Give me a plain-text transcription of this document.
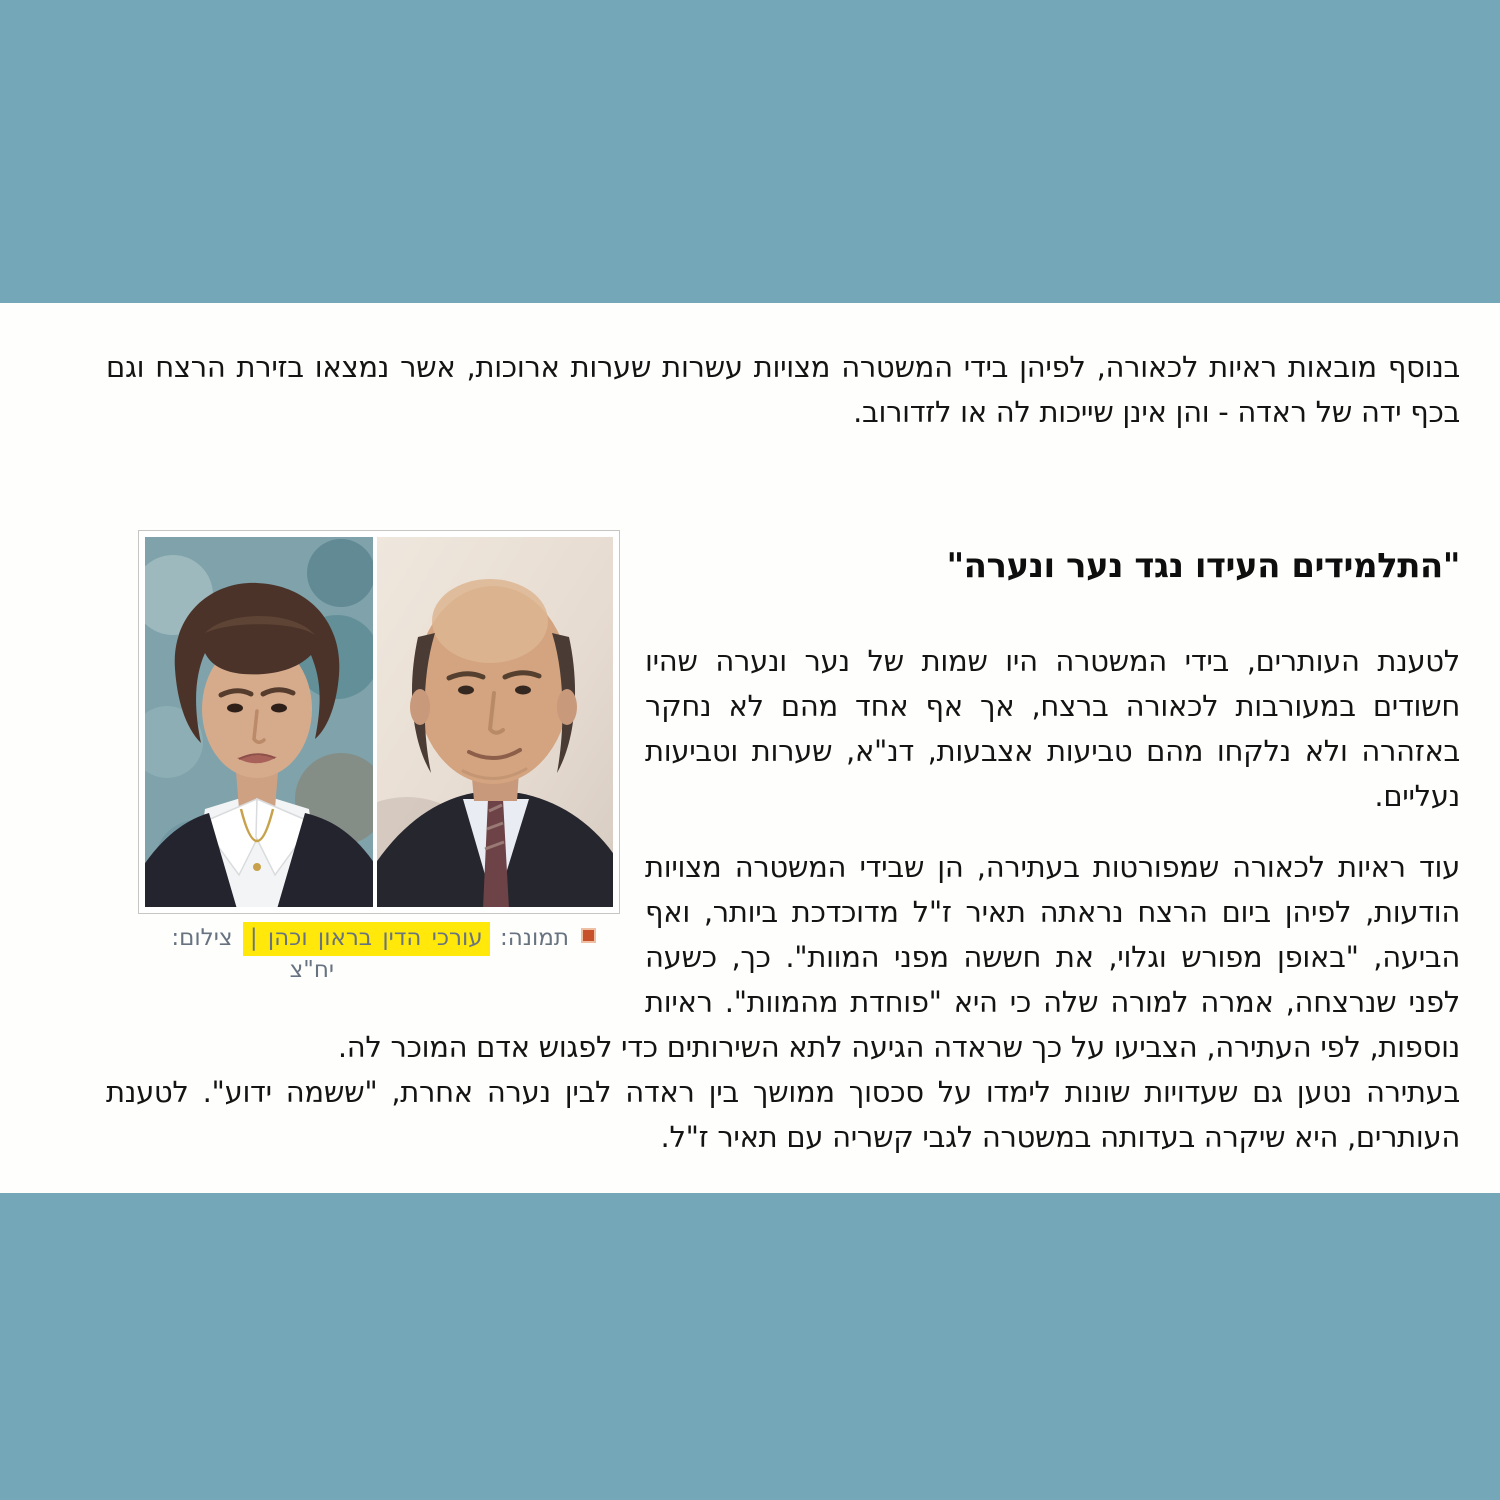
בנוסף מובאות ראיות לכאורה, לפיהן בידי המשטרה מצויות עשרות שערות ארוכות, אשר נמצאו בזירת הרצח וגם בכף ידה של ראדה - והן אינן שייכות לה או לזדורוב.

תמונה: עורכי הדין בראון וכהן | צילום:
יח"צ
"התלמידים העידו נגד נער ונערה"

לטענת העותרים, בידי המשטרה היו שמות של נער ונערה שהיו חשודים במעורבות לכאורה ברצח, אך אף אחד מהם לא נחקר באזהרה ולא נלקחו מהם טביעות אצבעות, דנ"א, שערות וטביעות נעליים.

עוד ראיות לכאורה שמפורטות בעתירה, הן שבידי המשטרה מצויות הודעות, לפיהן ביום הרצח נראתה תאיר ז"ל מדוכדכת ביותר, ואף הביעה, "באופן מפורש וגלוי, את חששה מפני המוות". כך, כשעה לפני שנרצחה, אמרה למורה שלה כי היא "פוחדת מהמוות". ראיות נוספות, לפי העתירה, הצביעו על כך שראדה הגיעה לתא השירותים כדי לפגוש אדם המוכר לה.

בעתירה נטען גם שעדויות שונות לימדו על סכסוך ממושך בין ראדה לבין נערה אחרת, "ששמה ידוע". לטענת העותרים, היא שיקרה בעדותה במשטרה לגבי קשריה עם תאיר ז"ל.
